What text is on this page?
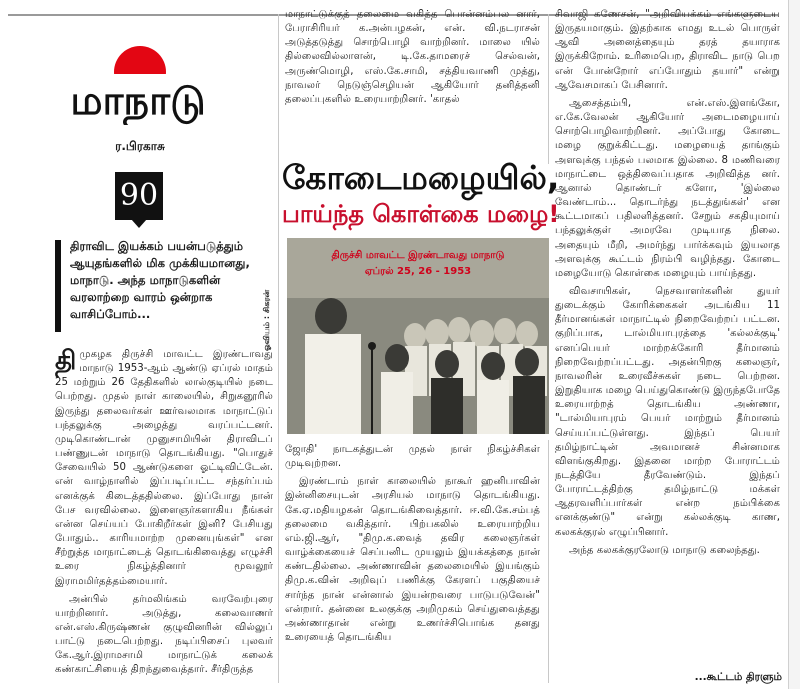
மாநாடு
ர.பிரகாசு
90
திராவிட இயக்கம் பயன்படுத்தும் ஆயுதங்களில் மிக முக்கியமானது, மாநாடு. அந்த மாநாடுகளின் வரலாற்றை வாரம் ஒன்றாக வாசிப்போம்...

திமுகழக திருச்சி மாவட்ட இரண்டாவது மாநாடு 1953-ஆம் ஆண்டு ஏப்ரல் மாதம் 25 மற்றும் 26 தேதிகளில் லால்குடியில் நடை பெற்றது. முதல் நாள் காலையில், சிறுகனூரில் இருந்து தலைவர்கள் ஊர்வலமாக மாநாட்டுப் பந்தலுக்கு அழைத்து வரப்பட்டனர். முடிகொண்டான் முனுசாமியின் திராவிடப் பண்ணுடன் மாநாடு தொடங்கியது. "பொதுச் சேவையில் 50 ஆண்டுகளை ஓட்டிவிட்டேன். என் வாழ்நாளில் இப்படிப்பட்ட சந்தர்ப்பம் எனக்குக் கிடைத்ததில்லை. இப்போது நான் பேச வரவில்லை. இளைஞர்களாகிய நீங்கள் என்ன செய்யப் போகிறீர்கள் இனி? பேசியது போதும்.. காரியமாற்ற முனையுங்கள்" என சீற்றுத்த மாநாட்டைத் தொடங்கிவைத்து எழுச்சி உரை நிகழ்த்தினார் மூவலூர் இராமமிர்தத்தம்மையார்.

அன்பில் தர்மலிங்கம் வரவேற்புரை யாற்றினார். அடுத்து, கலைவாணர் என்.எஸ்.கிருஷ்ணன் குழுவினரின் வில்லுப் பாட்டு நடைபெற்றது. நடிப்பிசைப் புலவர் கே.ஆர்.இராமசாமி மாநாட்டுக் கலைக் கண்காட்சியைத் திறந்துவைத்தார். சீர்திருத்த

மாநாட்டுக்குத் தலைமை வகித்த பொன்னம்பல னார், பேராசிரியர் க.அன்பழகன், என். வி.நடராசன் அடுத்தடுத்து சொற்பொழி வாற்றினர். மாலை யில் தில்லைவில்லாளன், டி.கே.தாமரைச் செல்வன், அருண்மொழி, எஸ்.கே.சாமி, சத்தியவாணி முத்து, நாவலர் நெடுஞ்செழியன் ஆகியோர் தனித்தனி தலைப்புகளில் உரையாற்றினர். 'காதல்

கோடைமழையில்,
பாய்ந்த கொள்கை மழை!
ஓவியம் : சிகரன்
திருச்சி மாவட்ட இரண்டாவது மாநாடு
ஏப்ரல் 25, 26 - 1953

ஜோதி' நாடகத்துடன் முதல் நாள் நிகழ்ச்சிகள் முடிவுற்றன.

இரண்டாம் நாள் காலையில் நாகூர் ஹனிபாவின் இன்னிசையுடன் அரசியல் மாநாடு தொடங்கியது. கே.ஏ.மதியழகன் தொடங்கிவைத்தார். ஈ.வி.கே.சம்பத் தலைமை வகித்தார். பிற்பகலில் உரையாற்றிய எம்.ஜி.ஆர், "திமு.க.வைத் தவிர கலைஞர்கள் வாழ்க்கையைச் செப்பனிட முயலும் இயக்கத்தை நான் கண்டதில்லை. அண்ணாவின் தலைமையில் இயங்கும் திமு.க.வின் அறிவுப் பணிக்கு கேரளப் பகுதியைச் சார்ந்த நான் என்னால் இயன்றவரை பாடுபடுவேன்" என்றார். தன்னை உலகுக்கு அறிமுகம் செய்துவைத்தது அண்ணாதான் என்று உணர்ச்சிபொங்க தனது உரையைத் தொடங்கிய

சிவாஜி கணேசன், "அறிவியக்கம் எங்களுடைய இருதயமாகும். இதற்காக எமது உடல் பொருள் ஆவி அனைத்தையும் தரத் தயாராக இருக்கிறோம். உரிமைபெற, திராவிட நாடு பெற என் போன்றோர் எப்போதும் தயார்" என்று ஆவேசமாகப் பேசினார்.

ஆசைத்தம்பி, என்.எஸ்.இளங்கோ, எ.கே.வேலன் ஆகியோர் அடைமழையாய் சொற்பொழிவாற்றினர். அப்போது கோடை மழை குறுக்கிட்டது. மழையைத் தாங்கும் அளவுக்கு பந்தல் பலமாக இல்லை. 8 மணிவரை மாநாட்டை ஒத்திவைப்பதாக அறிவித்த னர். ஆனால் தொண்டர் களோ, 'இல்லை வேண்டாம்... தொடர்ந்து நடத்துங்கள்' என கூட்டமாகப் பதிலளித்தனர். சேறும் சகதியுமாய் பந்தலுக்குள் அமரவே முடியாத நிலை. அதையும் மீறி, அமர்ந்து பார்க்கவும் இயலாத அளவுக்கு கூட்டம் நிரம்பி வழிந்தது. கோடை மழையோடு கொள்கை மழையும் பாய்ந்தது.

விவசாயிகள், நெசவாளர்களின் துயர் துடைக்கும் கோரிக்கைகள் அடங்கிய 11 தீர்மானங்கள் மாநாட்டில் நிறைவேற்றப் பட்டன. குறிப்பாக, டால்மியாபுரத்தை 'கல்லக்குடி' எனப்பெயர் மாற்றக்கோரி தீர்மானம் நிறைவேற்றப்பட்டது. அதன்பிறகு கலைஞர், நாவலரின் உரைவீச்சுகள் நடை பெற்றன. இறுதியாக மழை பெய்துகொண்டு இருந்தபோதே உரையாற்றத் தொடங்கிய அண்ணா, "டால்மியாபுரம் பெயர் மாற்றும் தீர்மானம் செய்யப்பட்டுள்ளது. இந்தப் பெயர் தமிழ்நாட்டின் அவமானச் சின்னமாக விளங்குகிறது. இதனை மாற்ற போராட்டம் நடத்தியே தீரவேண்டும். இந்தப் போராட்டத்திற்கு தமிழ்நாட்டு மக்கள் ஆதரவளிப்பார்கள் என்ற நம்பிக்கை எனக்குண்டு" என்று கல்லக்குடி காண, கலகக்குரல் எழுப்பினார்.

அந்த கலகக்குரலோடு மாநாடு கலைந்தது.

...கூட்டம் திரளும்
